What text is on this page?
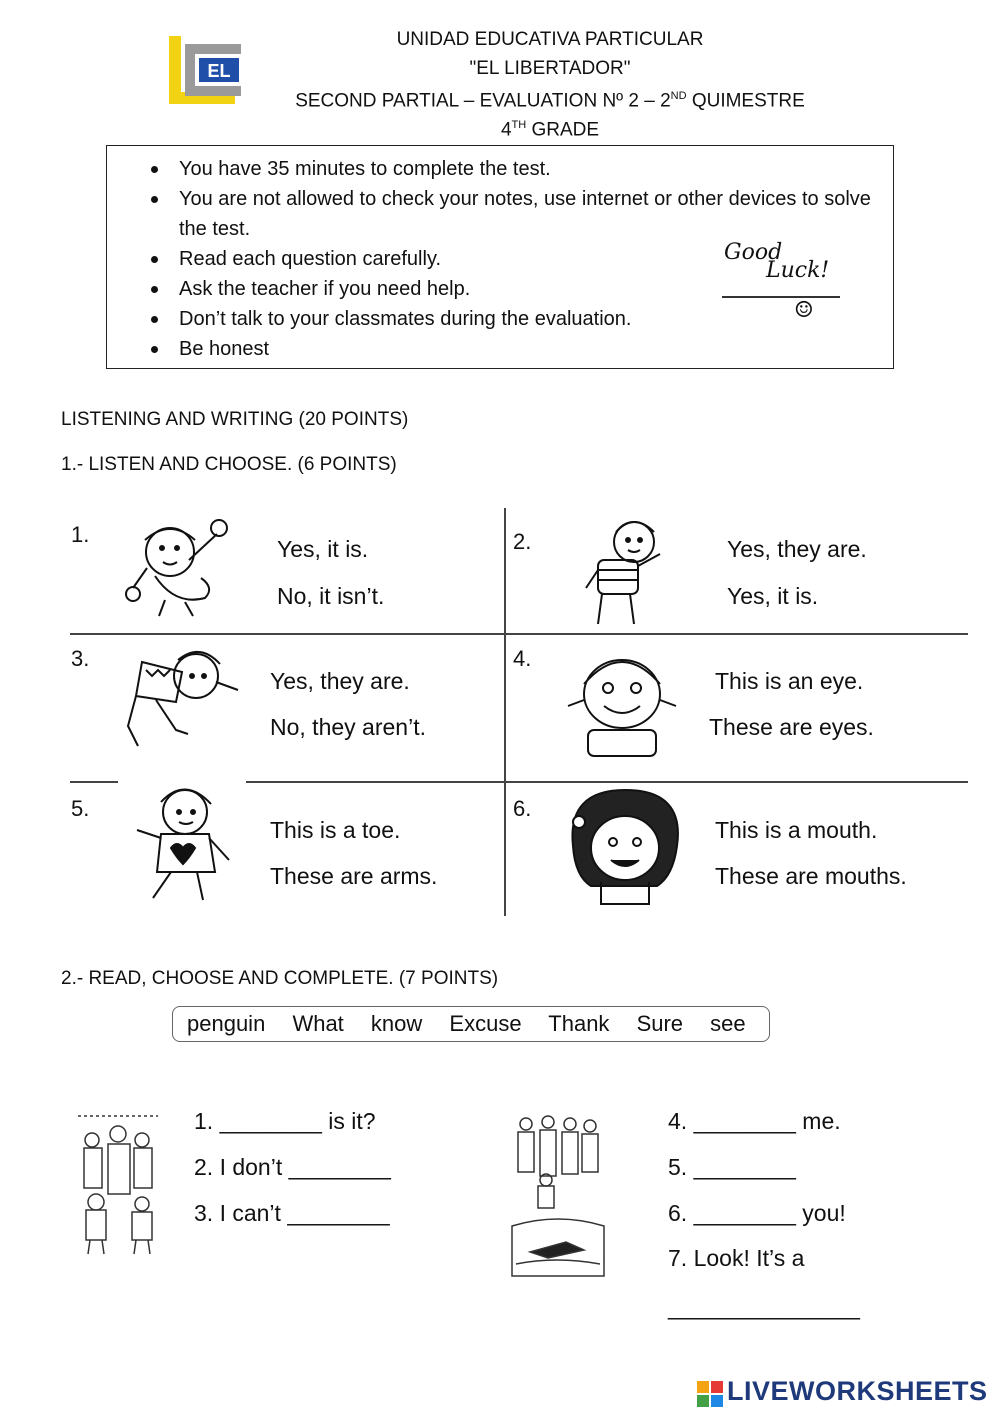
EL
UNIDAD EDUCATIVA PARTICULAR
"EL LIBERTADOR"
SECOND PARTIAL – EVALUATION Nº 2 – 2ND QUIMESTRE
4TH GRADE
You have 35 minutes to complete the test.
You are not allowed to check your notes, use internet or other devices to solve the test.
Read each question carefully.
Ask the teacher if you need help.
Don’t talk to your classmates during the evaluation.
Be honest
Good
Luck!
☺
LISTENING AND WRITING (20 POINTS)
1.- LISTEN AND CHOOSE. (6 POINTS)
1.
Yes, it is.
No, it isn’t.
2.	Yes, they are.
Yes, it is.
3.
Yes, they are.
No, they aren’t.
4.
This is an eye.
These are eyes.
5.
This is a toe.
These are arms.
6.
This is a mouth.
These are mouths.
2.- READ, CHOOSE AND COMPLETE. (7 POINTS)
penguin What know Excuse Thank Sure see
1. ________ is it?
2. I don’t ________
3. I can’t ________
4. ________ me.
5. ________
6. ________ you!
7. Look! It’s a
_______________
LIVEWORKSHEETS
